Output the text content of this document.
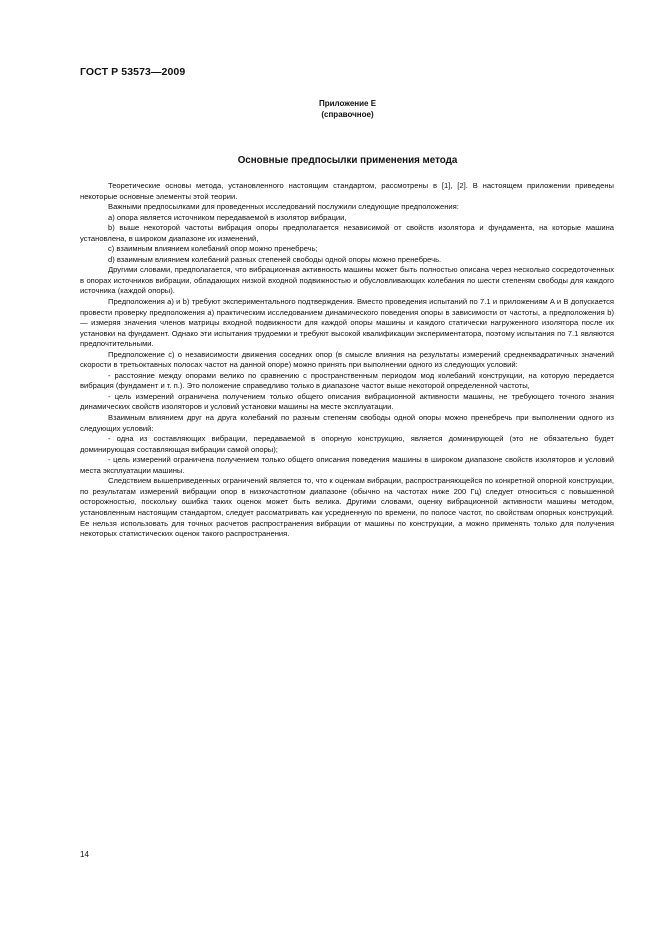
ГОСТ Р 53573—2009
Приложение Е
(справочное)
Основные предпосылки применения метода

Теоретические основы метода, установленного настоящим стандартом, рассмотрены в [1], [2]. В настоящем приложении приведены некоторые основные элементы этой теории.

Важными предпосылками для проведенных исследований послужили следующие предположения:

a) опора является источником передаваемой в изолятор вибрации,

b) выше некоторой частоты вибрация опоры предполагается независимой от свойств изолятора и фундамента, на которые машина установлена, в широком диапазоне их изменений,

c) взаимным влиянием колебаний опор можно пренебречь;

d) взаимным влиянием колебаний разных степеней свободы одной опоры можно пренебречь.

Другими словами, предполагается, что вибрационная активность машины может быть полностью описана через несколько сосредоточенных в опорах источников вибрации, обладающих низкой входной подвижностью и обусловливающих колебания по шести степеням свободы для каждого источника (каждой опоры).

Предположения a) и b) требуют экспериментального подтверждения. Вместо проведения испытаний по 7.1 и приложениям A и B допускается провести проверку предположения a) практическим исследованием динамического поведения опоры в зависимости от частоты, а предположения b) — измеряя значения членов матрицы входной подвижности для каждой опоры машины и каждого статически нагруженного изолятора после их установки на фундамент. Однако эти испытания трудоемки и требуют высокой квалификации экспериментатора, поэтому испытания по 7.1 являются предпочтительными.

Предположение c) о независимости движения соседних опор (в смысле влияния на результаты измерений среднеквадратичных значений скорости в третьоктавных полосах частот на данной опоре) можно принять при выполнении одного из следующих условий:

- расстояние между опорами велико по сравнению с пространственным периодом мод колебаний конструкции, на которую передается вибрация (фундамент и т. п.). Это положение справедливо только в диапазоне частот выше некоторой определенной частоты,

- цель измерений ограничена получением только общего описания вибрационной активности машины, не требующего точного знания динамических свойств изоляторов и условий установки машины на месте эксплуатации.

Взаимным влиянием друг на друга колебаний по разным степеням свободы одной опоры можно пренебречь при выполнении одного из следующих условий:

- одна из составляющих вибрации, передаваемой в опорную конструкцию, является доминирующей (это не обязательно будет доминирующая составляющая вибрации самой опоры);

- цель измерений ограничена получением только общего описания поведения машины в широком диапазоне свойств изоляторов и условий места эксплуатации машины.

Следствием вышеприведенных ограничений является то, что к оценкам вибрации, распространяющейся по конкретной опорной конструкции, по результатам измерений вибрации опор в низкочастотном диапазоне (обычно на частотах ниже 200 Гц) следует относиться с повышенной осторожностью, поскольку ошибка таких оценок может быть велика. Другими словами, оценку вибрационной активности машины методом, установленным настоящим стандартом, следует рассматривать как усредненную по времени, по полосе частот, по свойствам опорных конструкций. Ее нельзя использовать для точных расчетов распространения вибрации от машины по конструкции, а можно применять только для получения некоторых статистических оценок такого распространения.

14
